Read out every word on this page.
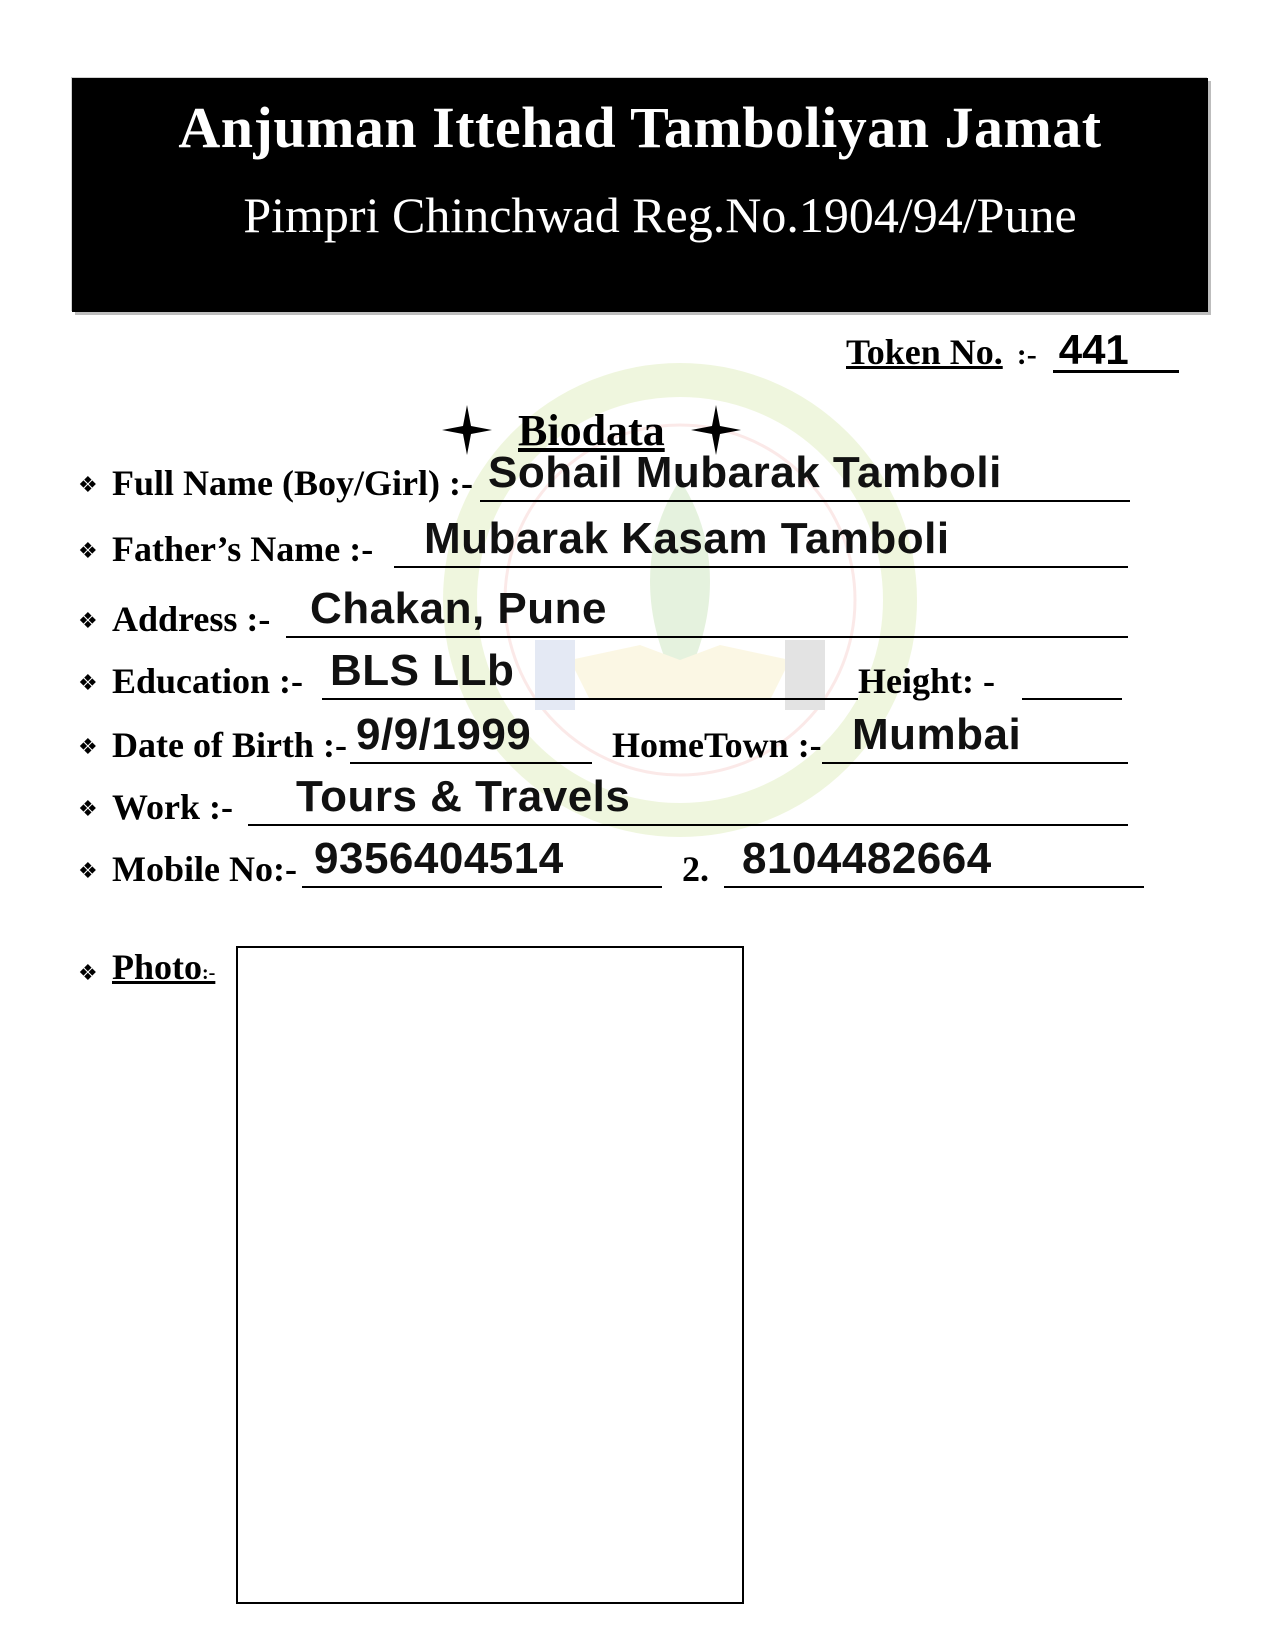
Anjuman Ittehad Tamboliyan Jamat
Pimpri Chinchwad Reg.No.1904/94/Pune
Token No. :- 441
Biodata
❖ Full Name (Boy/Girl) :- Sohail Mubarak Tamboli
❖ Father’s Name :- Mubarak Kasam Tamboli
❖ Address :- Chakan, Pune
❖ Education :- BLS LLb	Height: -
❖ Date of Birth :- 9/9/1999 HomeTown :- Mumbai
❖ Work :- Tours & Travels
❖ Mobile No:- 9356404514	2. 8104482664
❖ Photo:-
